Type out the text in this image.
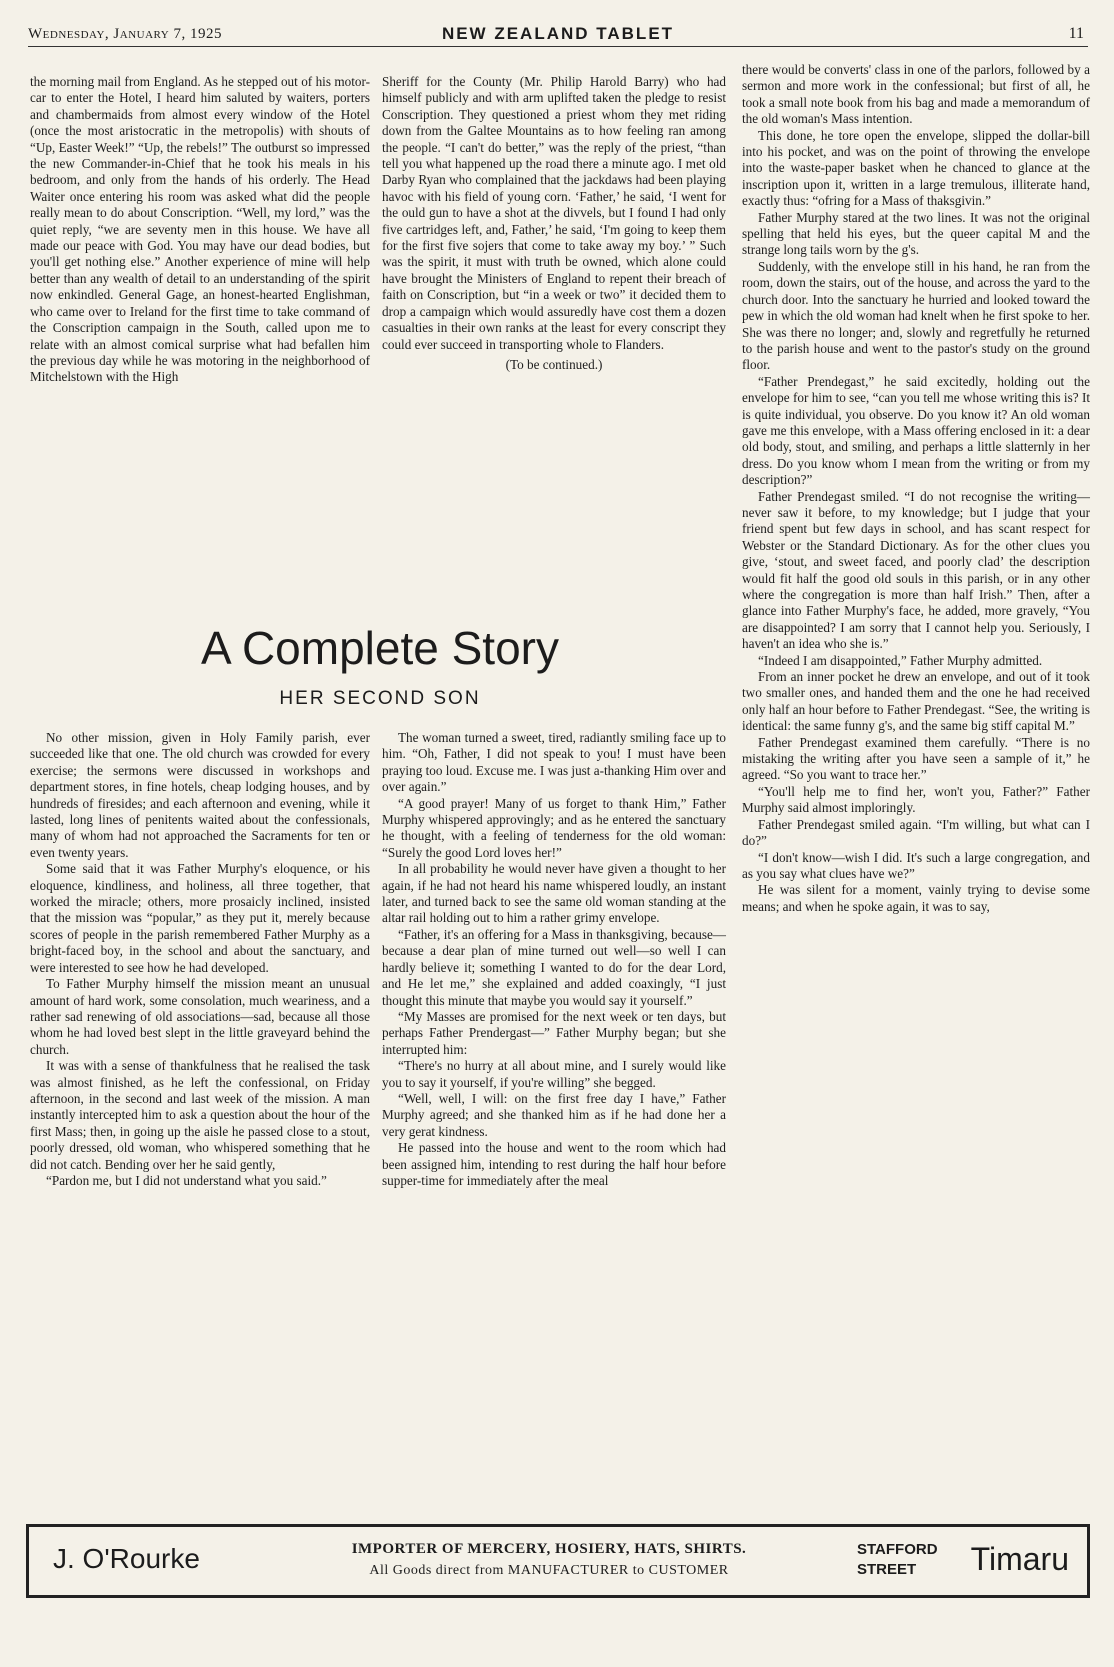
Wednesday, January 7, 1925	NEW ZEALAND TABLET	11

the morning mail from England. As he stepped out of his motor-car to enter the Hotel, I heard him saluted by waiters, porters and chambermaids from almost every window of the Hotel (once the most aristocratic in the metropolis) with shouts of “Up, Easter Week!” “Up, the rebels!” The outburst so impressed the new Commander-in-Chief that he took his meals in his bedroom, and only from the hands of his orderly. The Head Waiter once entering his room was asked what did the people really mean to do about Conscription. “Well, my lord,” was the quiet reply, “we are seventy men in this house. We have all made our peace with God. You may have our dead bodies, but you'll get nothing else.” Another experience of mine will help better than any wealth of detail to an understanding of the spirit now enkindled. General Gage, an honest-hearted Englishman, who came over to Ireland for the first time to take command of the Conscription campaign in the South, called upon me to relate with an almost comical surprise what had befallen him the previous day while he was motoring in the neighborhood of Mitchelstown with the High

Sheriff for the County (Mr. Philip Harold Barry) who had himself publicly and with arm uplifted taken the pledge to resist Conscription. They questioned a priest whom they met riding down from the Galtee Mountains as to how feeling ran among the people. “I can't do better,” was the reply of the priest, “than tell you what happened up the road there a minute ago. I met old Darby Ryan who complained that the jackdaws had been playing havoc with his field of young corn. ‘Father,’ he said, ‘I went for the ould gun to have a shot at the divvels, but I found I had only five cartridges left, and, Father,’ he said, ‘I'm going to keep them for the first five sojers that come to take away my boy.’ ” Such was the spirit, it must with truth be owned, which alone could have brought the Ministers of England to repent their breach of faith on Conscription, but “in a week or two” it decided them to drop a campaign which would assuredly have cost them a dozen casualties in their own ranks at the least for every conscript they could ever succeed in transporting whole to Flanders.

(To be continued.)

A Complete Story
HER SECOND SON

No other mission, given in Holy Family parish, ever succeeded like that one. The old church was crowded for every exercise; the sermons were discussed in workshops and department stores, in fine hotels, cheap lodging houses, and by hundreds of firesides; and each afternoon and evening, while it lasted, long lines of penitents waited about the confessionals, many of whom had not approached the Sacraments for ten or even twenty years.

Some said that it was Father Murphy's eloquence, or his eloquence, kindliness, and holiness, all three together, that worked the miracle; others, more prosaicly inclined, insisted that the mission was “popular,” as they put it, merely because scores of people in the parish remembered Father Murphy as a bright-faced boy, in the school and about the sanctuary, and were interested to see how he had developed.

To Father Murphy himself the mission meant an unusual amount of hard work, some consolation, much weariness, and a rather sad renewing of old associations—sad, because all those whom he had loved best slept in the little graveyard behind the church.

It was with a sense of thankfulness that he realised the task was almost finished, as he left the confessional, on Friday afternoon, in the second and last week of the mission. A man instantly intercepted him to ask a question about the hour of the first Mass; then, in going up the aisle he passed close to a stout, poorly dressed, old woman, who whispered something that he did not catch. Bending over her he said gently,

“Pardon me, but I did not understand what you said.”

The woman turned a sweet, tired, radiantly smiling face up to him. “Oh, Father, I did not speak to you! I must have been praying too loud. Excuse me. I was just a-thanking Him over and over again.”

“A good prayer! Many of us forget to thank Him,” Father Murphy whispered approvingly; and as he entered the sanctuary he thought, with a feeling of tenderness for the old woman: “Surely the good Lord loves her!”

In all probability he would never have given a thought to her again, if he had not heard his name whispered loudly, an instant later, and turned back to see the same old woman standing at the altar rail holding out to him a rather grimy envelope.

“Father, it's an offering for a Mass in thanksgiving, because—because a dear plan of mine turned out well—so well I can hardly believe it; something I wanted to do for the dear Lord, and He let me,” she explained and added coaxingly, “I just thought this minute that maybe you would say it yourself.”

“My Masses are promised for the next week or ten days, but perhaps Father Prendergast—” Father Murphy began; but she interrupted him:

“There's no hurry at all about mine, and I surely would like you to say it yourself, if you're willing” she begged.

“Well, well, I will: on the first free day I have,” Father Murphy agreed; and she thanked him as if he had done her a very gerat kindness.

He passed into the house and went to the room which had been assigned him, intending to rest during the half hour before supper-time for immediately after the meal

there would be converts' class in one of the parlors, followed by a sermon and more work in the confessional; but first of all, he took a small note book from his bag and made a memorandum of the old woman's Mass intention.

This done, he tore open the envelope, slipped the dollar-bill into his pocket, and was on the point of throwing the envelope into the waste-paper basket when he chanced to glance at the inscription upon it, written in a large tremulous, illiterate hand, exactly thus: “ofring for a Mass of thaksgivin.”

Father Murphy stared at the two lines. It was not the original spelling that held his eyes, but the queer capital M and the strange long tails worn by the g's.

Suddenly, with the envelope still in his hand, he ran from the room, down the stairs, out of the house, and across the yard to the church door. Into the sanctuary he hurried and looked toward the pew in which the old woman had knelt when he first spoke to her. She was there no longer; and, slowly and regretfully he returned to the parish house and went to the pastor's study on the ground floor.

“Father Prendegast,” he said excitedly, holding out the envelope for him to see, “can you tell me whose writing this is? It is quite individual, you observe. Do you know it? An old woman gave me this envelope, with a Mass offering enclosed in it: a dear old body, stout, and smiling, and perhaps a little slatternly in her dress. Do you know whom I mean from the writing or from my description?”

Father Prendegast smiled. “I do not recognise the writing—never saw it before, to my knowledge; but I judge that your friend spent but few days in school, and has scant respect for Webster or the Standard Dictionary. As for the other clues you give, ‘stout, and sweet faced, and poorly clad’ the description would fit half the good old souls in this parish, or in any other where the congregation is more than half Irish.” Then, after a glance into Father Murphy's face, he added, more gravely, “You are disappointed? I am sorry that I cannot help you. Seriously, I haven't an idea who she is.”

“Indeed I am disappointed,” Father Murphy admitted.

From an inner pocket he drew an envelope, and out of it took two smaller ones, and handed them and the one he had received only half an hour before to Father Prendegast. “See, the writing is identical: the same funny g's, and the same big stiff capital M.”

Father Prendegast examined them carefully. “There is no mistaking the writing after you have seen a sample of it,” he agreed. “So you want to trace her.”

“You'll help me to find her, won't you, Father?” Father Murphy said almost imploringly.

Father Prendegast smiled again. “I'm willing, but what can I do?”

“I don't know—wish I did. It's such a large congregation, and as you say what clues have we?”

He was silent for a moment, vainly trying to devise some means; and when he spoke again, it was to say,

J. O'Rourke	IMPORTER OF MERCERY, HOSIERY, HATS, SHIRTS.
All Goods direct from MANUFACTURER to CUSTOMER
STAFFORD
STREET Timaru
